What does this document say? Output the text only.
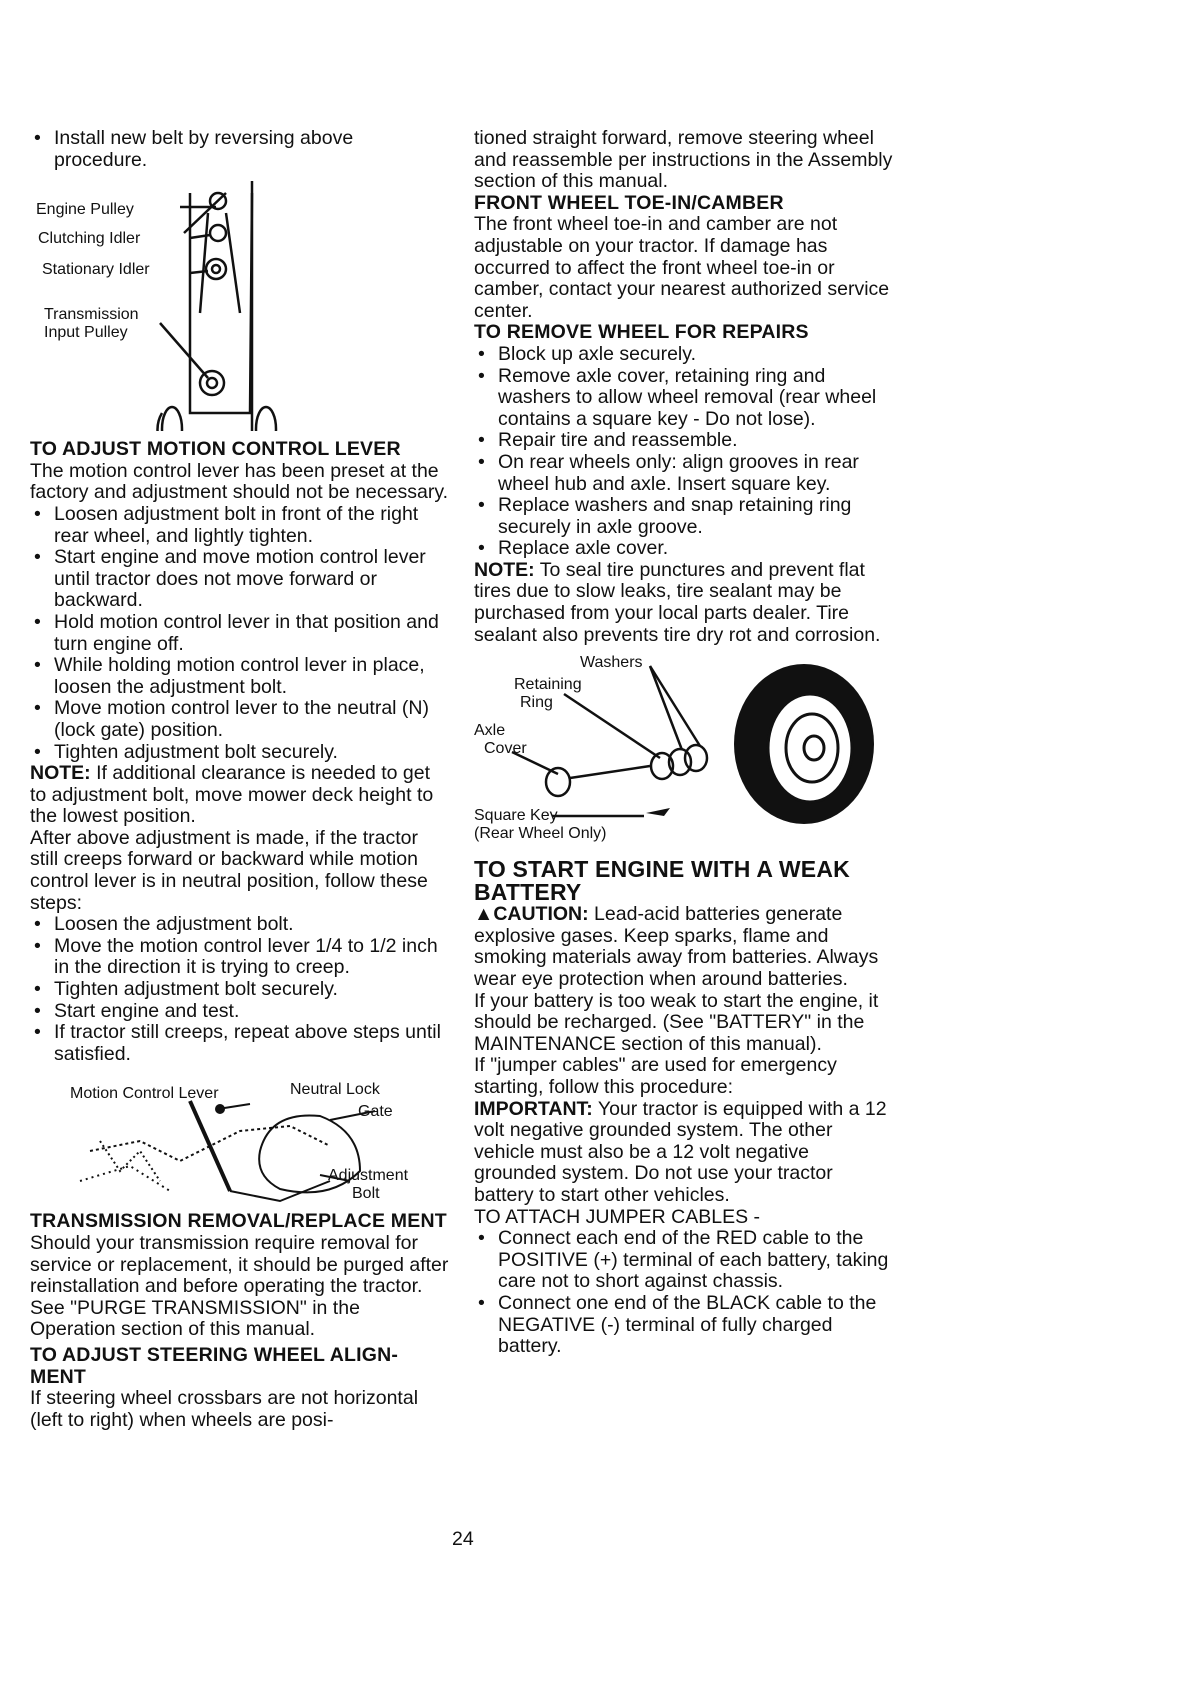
• Install new belt by reversing above procedure.

Engine Pulley
Clutching Idler
Stationary Idler
Transmission
Input Pulley

TO ADJUST MOTION CONTROL LEVER

The motion control lever has been preset at the factory and adjustment should not be necessary.

• Loosen adjustment bolt in front of the right rear wheel, and lightly tighten.

• Start engine and move motion control lever until tractor does not move forward or backward.

• Hold motion control lever in that position and turn engine off.

• While holding motion control lever in place, loosen the adjustment bolt.

• Move motion control lever to the neutral (N) (lock gate) position.

• Tighten adjustment bolt securely.

NOTE: If additional clearance is needed to get to adjustment bolt, move mower deck height to the lowest position.

After above adjustment is made, if the tractor still creeps forward or backward while motion control lever is in neutral position, follow these steps:

• Loosen the adjustment bolt.

• Move the motion control lever 1/4 to 1/2 inch in the direction it is trying to creep.

• Tighten adjustment bolt securely.

• Start engine and test.

• If tractor still creeps, repeat above steps until satisfied.

Motion Control Lever	Neutral Lock
Gate
Adjustment
Bolt

TRANSMISSION REMOVAL/REPLACE MENT

Should your transmission require removal for service or replacement, it should be purged after reinstallation and before operating the tractor. See "PURGE TRANSMISSION" in the Operation section of this manual.

TO ADJUST STEERING WHEEL ALIGN- MENT

If steering wheel crossbars are not horizontal (left to right) when wheels are posi-

tioned straight forward, remove steering wheel and reassemble per instructions in the Assembly section of this manual.

FRONT WHEEL TOE-IN/CAMBER

The front wheel toe-in and camber are not adjustable on your tractor. If damage has occurred to affect the front wheel toe-in or camber, contact your nearest authorized service center.

TO REMOVE WHEEL FOR REPAIRS

• Block up axle securely.

• Remove axle cover, retaining ring and washers to allow wheel removal (rear wheel contains a square key - Do not lose).

• Repair tire and reassemble.

• On rear wheels only: align grooves in rear wheel hub and axle. Insert square key.

• Replace washers and snap retaining ring securely in axle groove.

• Replace axle cover.

NOTE: To seal tire punctures and prevent flat tires due to slow leaks, tire sealant may be purchased from your local parts dealer. Tire sealant also prevents tire dry rot and corrosion.

Washers
Retaining
Ring
Axle
Cover
Square Key
(Rear Wheel Only)

TO START ENGINE WITH A WEAK BATTERY

▲CAUTION: Lead-acid batteries generate explosive gases. Keep sparks, flame and smoking materials away from batteries. Always wear eye protection when around batteries.

If your battery is too weak to start the engine, it should be recharged. (See "BATTERY" in the MAINTENANCE section of this manual).

If "jumper cables" are used for emergency starting, follow this procedure:

IMPORTANT: Your tractor is equipped with a 12 volt negative grounded system. The other vehicle must also be a 12 volt negative grounded system. Do not use your tractor battery to start other vehicles.

TO ATTACH JUMPER CABLES -

• Connect each end of the RED cable to the POSITIVE (+) terminal of each battery, taking care not to short against chassis.

• Connect one end of the BLACK cable to the NEGATIVE (-) terminal of fully charged battery.

24
